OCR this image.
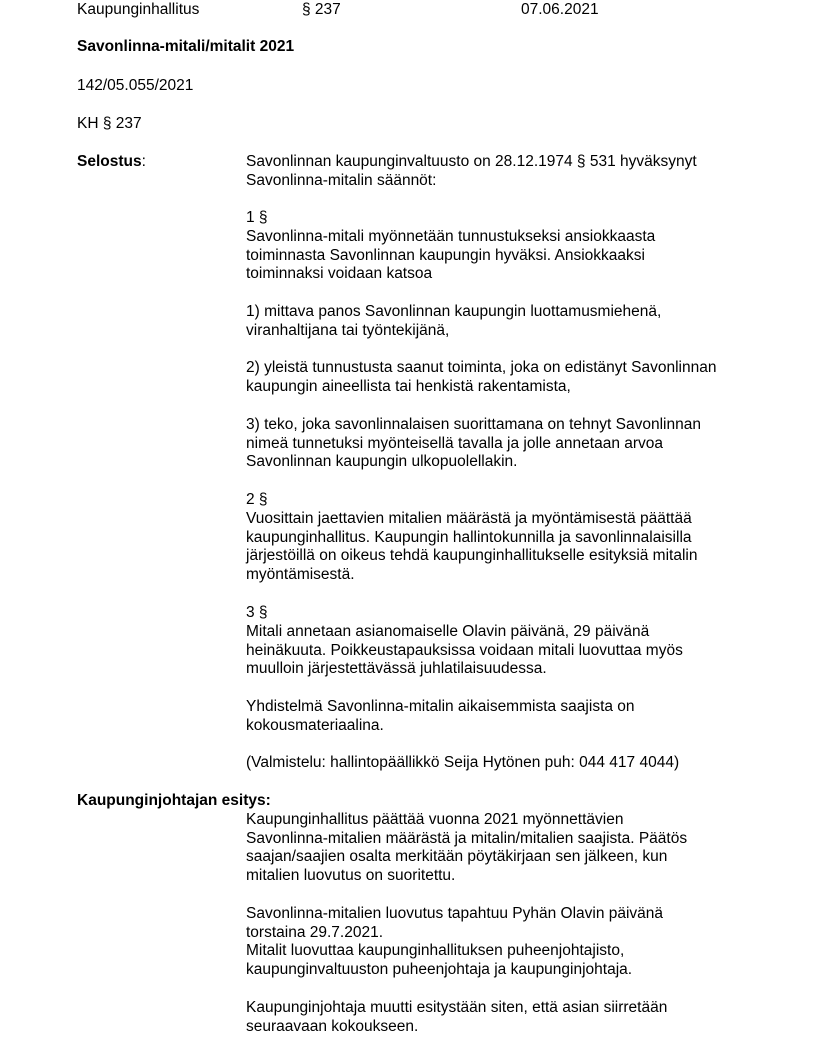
Kaupunginhallitus	§ 237	07.06.2021
Savonlinna-mitali/mitalit 2021
142/05.055/2021
KH § 237
Selostus:	Savonlinnan kaupunginvaltuusto on 28.12.1974 § 531 hyväksynyt
Savonlinna-mitalin säännöt:

1 §

Savonlinna-mitali myönnetään tunnustukseksi ansiokkaasta
toiminnasta Savonlinnan kaupungin hyväksi. Ansiokkaaksi
toiminnaksi voidaan katsoa

1) mittava panos Savonlinnan kaupungin luottamusmiehenä,
viranhaltijana tai työntekijänä,

2) yleistä tunnustusta saanut toiminta, joka on edistänyt Savonlinnan
kaupungin aineellista tai henkistä rakentamista,

3) teko, joka savonlinnalaisen suorittamana on tehnyt Savonlinnan
nimeä tunnetuksi myönteisellä tavalla ja jolle annetaan arvoa
Savonlinnan kaupungin ulkopuolellakin.

2 §

Vuosittain jaettavien mitalien määrästä ja myöntämisestä päättää
kaupunginhallitus. Kaupungin hallintokunnilla ja savonlinnalaisilla
järjestöillä on oikeus tehdä kaupunginhallitukselle esityksiä mitalin
myöntämisestä.

3 §

Mitali annetaan asianomaiselle Olavin päivänä, 29 päivänä
heinäkuuta. Poikkeustapauksissa voidaan mitali luovuttaa myös
muulloin järjestettävässä juhlatilaisuudessa.

Yhdistelmä Savonlinna-mitalin aikaisemmista saajista on
kokousmateriaalina.

(Valmistelu: hallintopäällikkö Seija Hytönen puh: 044 417 4044)

Kaupunginjohtajan esitys:

Kaupunginhallitus päättää vuonna 2021 myönnettävien
Savonlinna-mitalien määrästä ja mitalin/mitalien saajista. Päätös
saajan/saajien osalta merkitään pöytäkirjaan sen jälkeen, kun
mitalien luovutus on suoritettu.

Savonlinna-mitalien luovutus tapahtuu Pyhän Olavin päivänä
torstaina 29.7.2021.
Mitalit luovuttaa kaupunginhallituksen puheenjohtajisto,
kaupunginvaltuuston puheenjohtaja ja kaupunginjohtaja.

Kaupunginjohtaja muutti esitystään siten, että asian siirretään
seuraavaan kokoukseen.
